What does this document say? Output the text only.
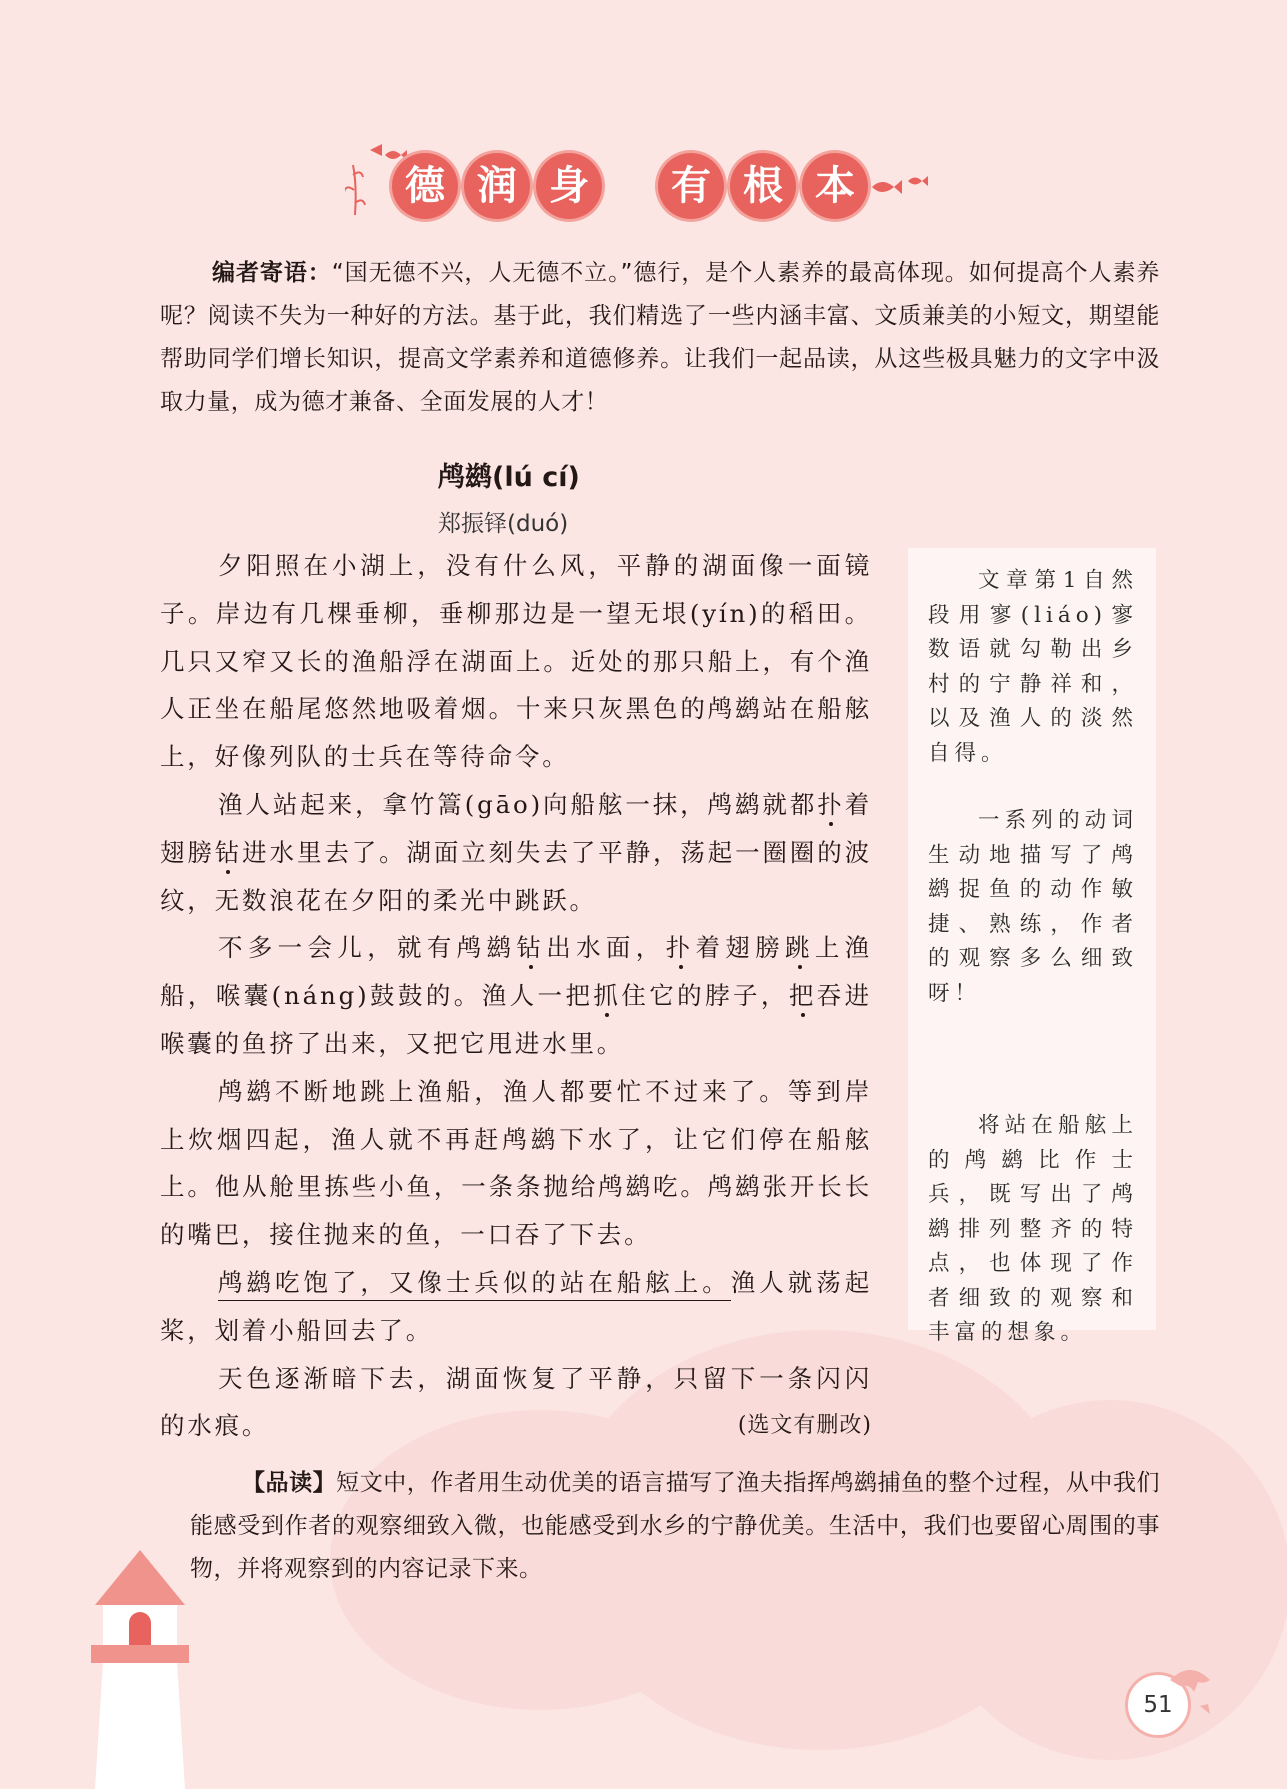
德 润 身	有 根 本
编者寄语：“国无德不兴，人无德不立。”德行，是个人素养的最高体现。如何提高个人素养呢？阅读不失为一种好的方法。基于此，我们精选了一些内涵丰富、文质兼美的小短文，期望能帮助同学们增长知识，提高文学素养和道德修养。让我们一起品读，从这些极具魅力的文字中汲取力量，成为德才兼备、全面发展的人才！
鸬鹚(lú cí)
郑振铎(duó)
文章第1自然段用寥(liáo)寥数语就勾勒出乡村的宁静祥和，以及渔人的淡然自得。
一系列的动词生动地描写了鸬鹚捉鱼的动作敏捷、熟练，作者的观察多么细致呀！
将站在船舷上的鸬鹚比作士兵，既写出了鸬鹚排列整齐的特点，也体现了作者细致的观察和丰富的想象。

夕阳照在小湖上，没有什么风，平静的湖面像一面镜子。岸边有几棵垂柳，垂柳那边是一望无垠(yín)的稻田。几只又窄又长的渔船浮在湖面上。近处的那只船上，有个渔人正坐在船尾悠然地吸着烟。十来只灰黑色的鸬鹚站在船舷上，好像列队的士兵在等待命令。

渔人站起来，拿竹篙(gāo)向船舷一抹，鸬鹚就都扑着翅膀钻进水里去了。湖面立刻失去了平静，荡起一圈圈的波纹，无数浪花在夕阳的柔光中跳跃。

不多一会儿，就有鸬鹚钻出水面，扑着翅膀跳上渔船，喉囊(náng)鼓鼓的。渔人一把抓住它的脖子，把吞进喉囊的鱼挤了出来，又把它甩进水里。

鸬鹚不断地跳上渔船，渔人都要忙不过来了。等到岸上炊烟四起，渔人就不再赶鸬鹚下水了，让它们停在船舷上。他从舱里拣些小鱼，一条条抛给鸬鹚吃。鸬鹚张开长长的嘴巴，接住抛来的鱼，一口吞了下去。

鸬鹚吃饱了，又像士兵似的站在船舷上。渔人就荡起桨，划着小船回去了。

天色逐渐暗下去，湖面恢复了平静，只留下一条闪闪的水痕。	(选文有删改)

【品读】短文中，作者用生动优美的语言描写了渔夫指挥鸬鹚捕鱼的整个过程，从中我们能感受到作者的观察细致入微，也能感受到水乡的宁静优美。生活中，我们也要留心周围的事物，并将观察到的内容记录下来。
51
